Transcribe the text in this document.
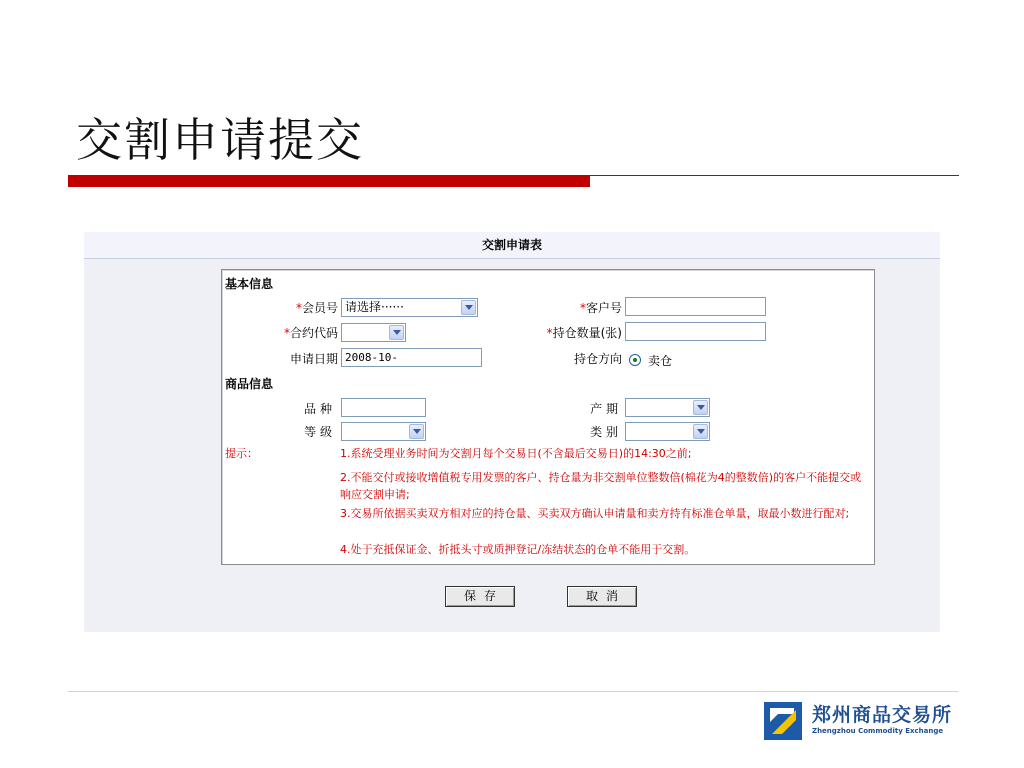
交割申请提交
交割申请表
基本信息
*会员号 请选择······	*客户号
*合约代码	*持仓数量(张)
申请日期 2008-10-	持仓方向 卖仓
商品信息
品 种	产 期
等 级	类 别
提示：	1.系统受理业务时间为交割月每个交易日(不含最后交易日)的14:30之前;
2.不能交付或接收增值税专用发票的客户、持仓量为非交割单位整数倍(棉花为4的整数倍)的客户不能提交或响应交割申请;
3.交易所依据买卖双方相对应的持仓量、买卖双方确认申请量和卖方持有标准仓单量，取最小数进行配对;
4.处于充抵保证金、折抵头寸或质押登记/冻结状态的仓单不能用于交割。
保存	取消
郑州商品交易所
Zhengzhou Commodity Exchange
